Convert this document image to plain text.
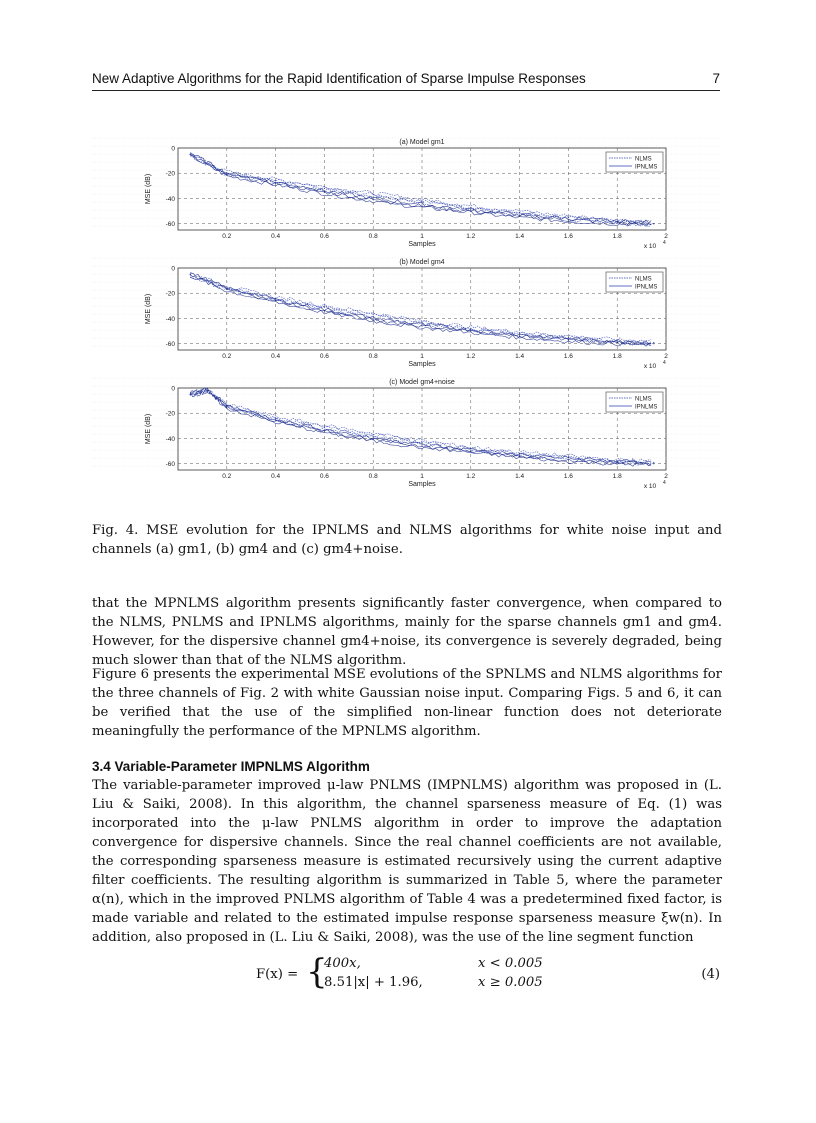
New Adaptive Algorithms for the Rapid Identification of Sparse Impulse Responses	7
(a) Model gm1
0.2	0.4	0.6	0.8	1	1.2	1.4	1.6	1.8	2
0
-20
-40
-60
MSE (dB)
Samples	x 10 4
NLMS
IPNLMS
(b) Model gm4
0.2	0.4	0.6	0.8	1	1.2	1.4	1.6	1.8	2
0
-20
-40
-60
MSE (dB)
Samples	x 10 4
NLMS
IPNLMS
(c) Model gm4+noise
0.2	0.4	0.6	0.8	1	1.2	1.4	1.6	1.8	2
0
-20
-40
-60
MSE (dB)
Samples	x 10 4
NLMS
IPNLMS
Fig. 4. MSE evolution for the IPNLMS and NLMS algorithms for white noise input and channels (a) gm1, (b) gm4 and (c) gm4+noise.
that the MPNLMS algorithm presents significantly faster convergence, when compared to the NLMS, PNLMS and IPNLMS algorithms, mainly for the sparse channels gm1 and gm4. However, for the dispersive channel gm4+noise, its convergence is severely degraded, being much slower than that of the NLMS algorithm.
Figure 6 presents the experimental MSE evolutions of the SPNLMS and NLMS algorithms for the three channels of Fig. 2 with white Gaussian noise input. Comparing Figs. 5 and 6, it can be verified that the use of the simplified non-linear function does not deteriorate meaningfully the performance of the MPNLMS algorithm.
3.4 Variable-Parameter IMPNLMS Algorithm
The variable-parameter improved μ-law PNLMS (IMPNLMS) algorithm was proposed in (L. Liu & Saiki, 2008). In this algorithm, the channel sparseness measure of Eq. (1) was incorporated into the μ-law PNLMS algorithm in order to improve the adaptation convergence for dispersive channels. Since the real channel coefficients are not available, the corresponding sparseness measure is estimated recursively using the current adaptive filter coefficients. The resulting algorithm is summarized in Table 5, where the parameter α(n), which in the improved PNLMS algorithm of Table 4 was a predetermined fixed factor, is made variable and related to the estimated impulse response sparseness measure ξw(n). In addition, also proposed in (L. Liu & Saiki, 2008), was the use of the line segment function
F(x) = {
400x,	x < 0.005
8.51|x| + 1.96,	x ≥ 0.005
(4)
